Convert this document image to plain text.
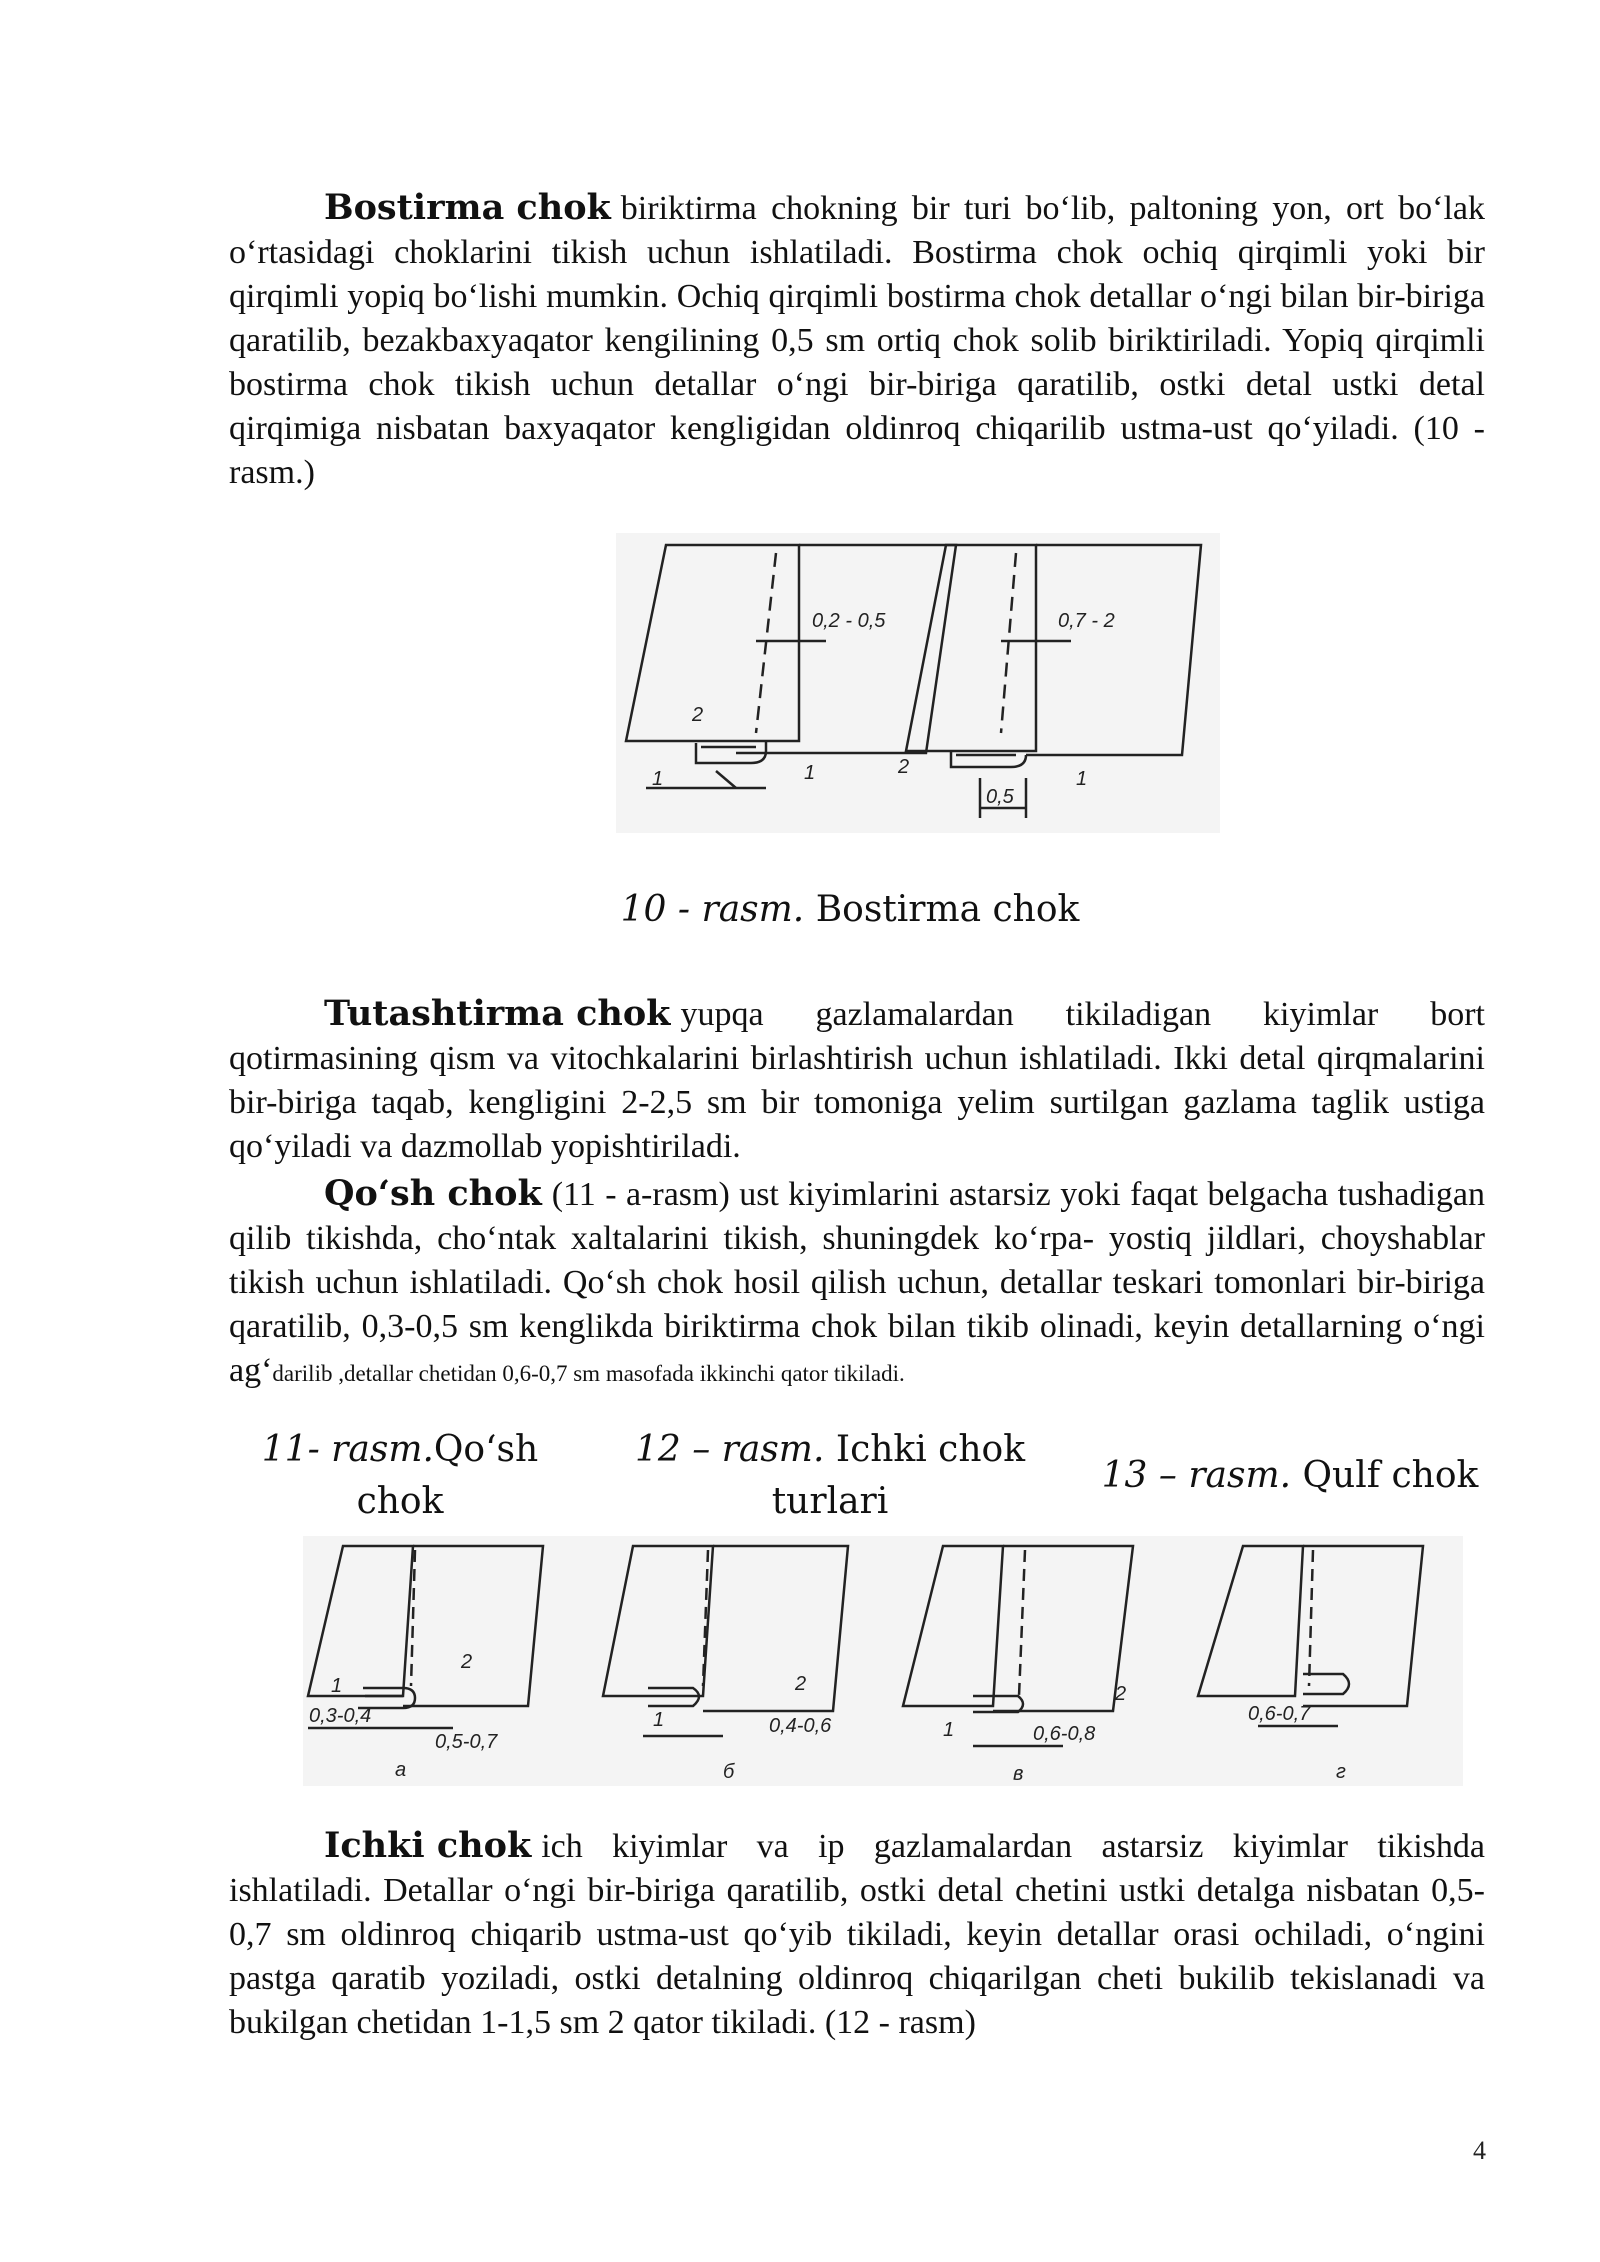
Bostirma chok biriktirma chokning bir turi bo‘lib, paltoning yon, ort bo‘lak o‘rtasidagi choklarini tikish uchun ishlatiladi. Bostirma chok ochiq qirqimli yoki bir qirqimli yopiq bo‘lishi mumkin. Ochiq qirqimli bostirma chok detallar o‘ngi bilan bir-biriga qaratilib, bezakbaxyaqator kengilining 0,5 sm ortiq chok solib biriktiriladi. Yopiq qirqimli bostirma chok tikish uchun detallar o‘ngi bir-biriga qaratilib, ostki detal ustki detal qirqimiga nisbatan baxyaqator kengligidan oldinroq chiqarilib ustma-ust qo‘yiladi. (10 - rasm.)

0,2 - 0,5	0,7 - 2
0,5
2
1	1	2
1
10 - rasm. Bostirma chok

Tutashtirma chok yupqa gazlamalardan tikiladigan kiyimlar bort qotirmasining qism va vitochkalarini birlashtirish uchun ishlatiladi. Ikki detal qirqmalarini bir-biriga taqab, kengligini 2-2,5 sm bir tomoniga yelim surtilgan gazlama taglik ustiga qo‘yiladi va dazmollab yopishtiriladi.

Qo‘sh chok (11 - a-rasm) ust kiyimlarini astarsiz yoki faqat belgacha tushadigan qilib tikishda, cho‘ntak xaltalarini tikish, shuningdek ko‘rpa- yostiq jildlari, choyshablar tikish uchun ishlatiladi. Qo‘sh chok hosil qilish uchun, detallar teskari tomonlari bir-biriga qaratilib, 0,3-0,5 sm kenglikda biriktirma chok bilan tikib olinadi, keyin detallarning o‘ngi ag‘darilib ,detallar chetidan 0,6-0,7 sm masofada ikkinchi qator tikiladi.

11- rasm.Qo‘sh chok
12 – rasm. Ichki chok turlari
13 – rasm. Qulf chok
0,3-0,4
0,5-0,7
1
2
а
0,4-0,6
1
2
б
0,6-0,8
1
2
в
0,6-0,7
г

Ichki chok ich kiyimlar va ip gazlamalardan astarsiz kiyimlar tikishda ishlatiladi. Detallar o‘ngi bir-biriga qaratilib, ostki detal chetini ustki detalga nisbatan 0,5-0,7 sm oldinroq chiqarib ustma-ust qo‘yib tikiladi, keyin detallar orasi ochiladi, o‘ngini pastga qaratib yoziladi, ostki detalning oldinroq chiqarilgan cheti bukilib tekislanadi va bukilgan chetidan 1-1,5 sm 2 qator tikiladi. (12 - rasm)

4
